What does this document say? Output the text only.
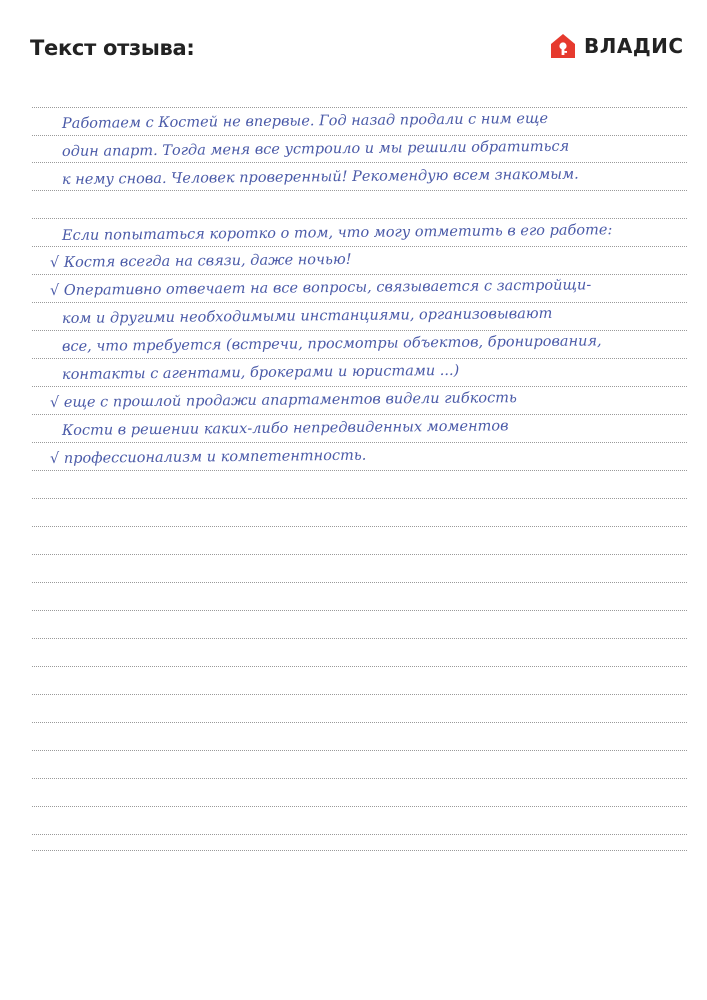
Текст отзыва:	ВЛАДИС
Работаем с Костей не впервые. Год назад продали с ним еще
один апарт. Тогда меня все устроило и мы решили обратиться
к нему снова. Человек проверенный! Рекомендую всем знакомым.
Если попытаться коротко о том, что могу отметить в его работе:
√ Костя всегда на связи, даже ночью!
√ Оперативно отвечает на все вопросы, связывается с застройщи-
ком и другими необходимыми инстанциями, организовывают
все, что требуется (встречи, просмотры объектов, бронирования,
контакты с агентами, брокерами и юристами ...)
√ еще с прошлой продажи апартаментов видели гибкость
Кости в решении каких-либо непредвиденных моментов
√ профессионализм и компетентность.
